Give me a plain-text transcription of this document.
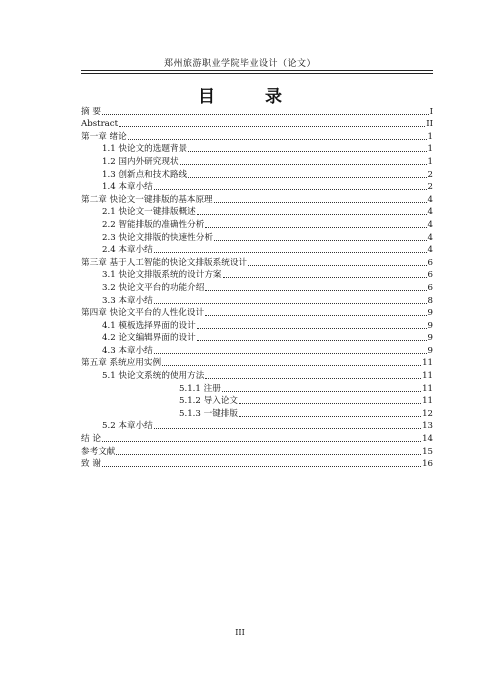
郑州旅游职业学院毕业设计（论文）
目 录
摘 要	I
Abstract	II
第一章 绪论	1
1.1 快论文的选题背景	1
1.2 国内外研究现状	1
1.3 创新点和技术路线	2
1.4 本章小结	2
第二章 快论文一键排版的基本原理	4
2.1 快论文一键排版概述	4
2.2 智能排版的准确性分析	4
2.3 快论文排版的快速性分析	4
2.4 本章小结	4
第三章 基于人工智能的快论文排版系统设计	6
3.1 快论文排版系统的设计方案	6
3.2 快论文平台的功能介绍	6
3.3 本章小结	8
第四章 快论文平台的人性化设计	9
4.1 模板选择界面的设计	9
4.2 论文编辑界面的设计	9
4.3 本章小结	9
第五章 系统应用实例	11
5.1 快论文系统的使用方法	11
5.1.1 注册	11
5.1.2 导入论文	11
5.1.3 一键排版	12
5.2 本章小结	13
结 论	14
参考文献	15
致 谢	16
III
